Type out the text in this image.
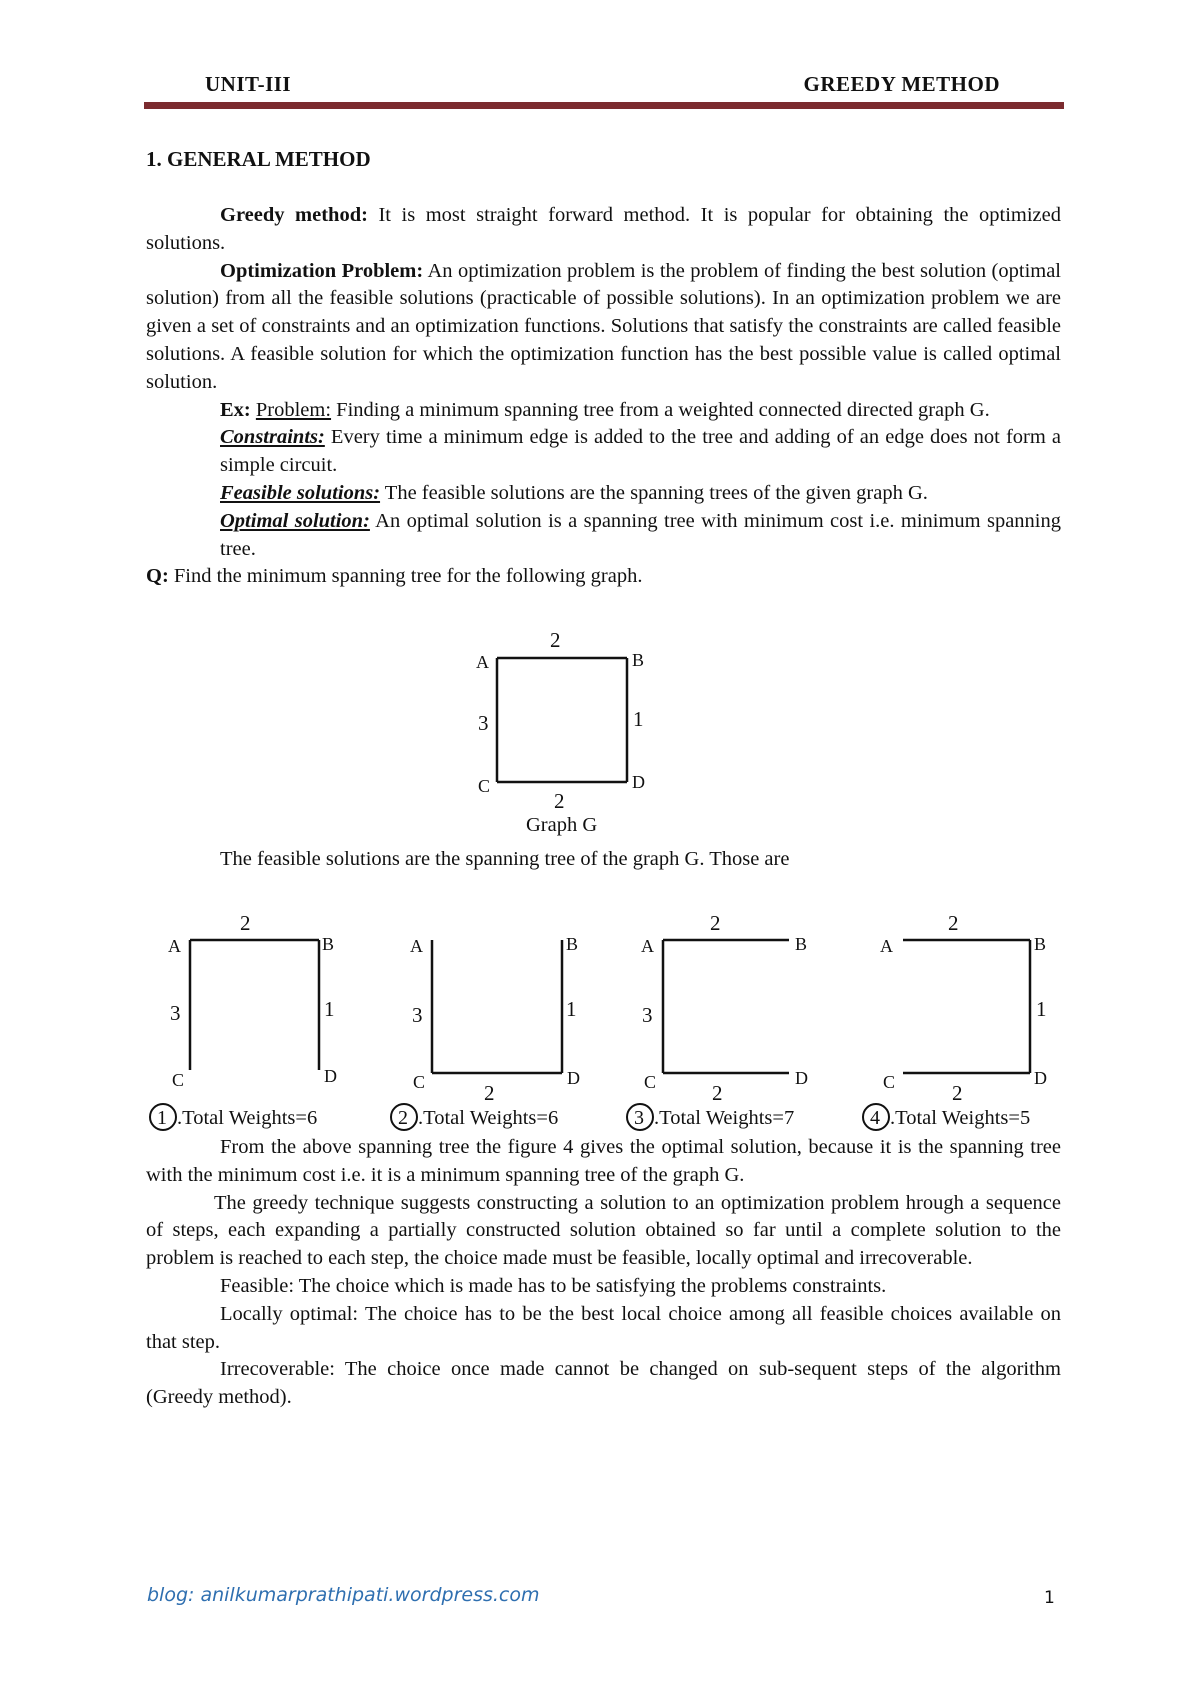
UNIT-III	GREEDY METHOD
1. GENERAL METHOD

Greedy method: It is most straight forward method. It is popular for obtaining the optimized solutions.

Optimization Problem: An optimization problem is the problem of finding the best solution (optimal solution) from all the feasible solutions (practicable of possible solutions). In an optimization problem we are given a set of constraints and an optimization functions. Solutions that satisfy the constraints are called feasible solutions. A feasible solution for which the optimization function has the best possible value is called optimal solution.

Ex: Problem: Finding a minimum spanning tree from a weighted connected directed graph G.

Constraints: Every time a minimum edge is added to the tree and adding of an edge does not form a simple circuit.

Feasible solutions: The feasible solutions are the spanning trees of the given graph G.

Optimal solution: An optimal solution is a spanning tree with minimum cost i.e. minimum spanning tree.

Q: Find the minimum spanning tree for the following graph.

A	B
C	D
2
3	1
2
A	B
C	D
2
3	1
A	B
C	D
3	1
2
A	B
C	D
2
3
2
A	B
C	D
2
1
2
1	2	3	4
.Total Weights=6	.Total Weights=6	.Total Weights=7	.Total Weights=5
Graph G
The feasible solutions are the spanning tree of the graph G. Those are

From the above spanning tree the figure 4 gives the optimal solution, because it is the spanning tree with the minimum cost i.e. it is a minimum spanning tree of the graph G.

The greedy technique suggests constructing a solution to an optimization problem hrough a sequence of steps, each expanding a partially constructed solution obtained so far until a complete solution to the problem is reached to each step, the choice made must be feasible, locally optimal and irrecoverable.

Feasible: The choice which is made has to be satisfying the problems constraints.

Locally optimal: The choice has to be the best local choice among all feasible choices available on that step.

Irrecoverable: The choice once made cannot be changed on sub-sequent steps of the algorithm (Greedy method).

blog: anilkumarprathipati.wordpress.com	1
